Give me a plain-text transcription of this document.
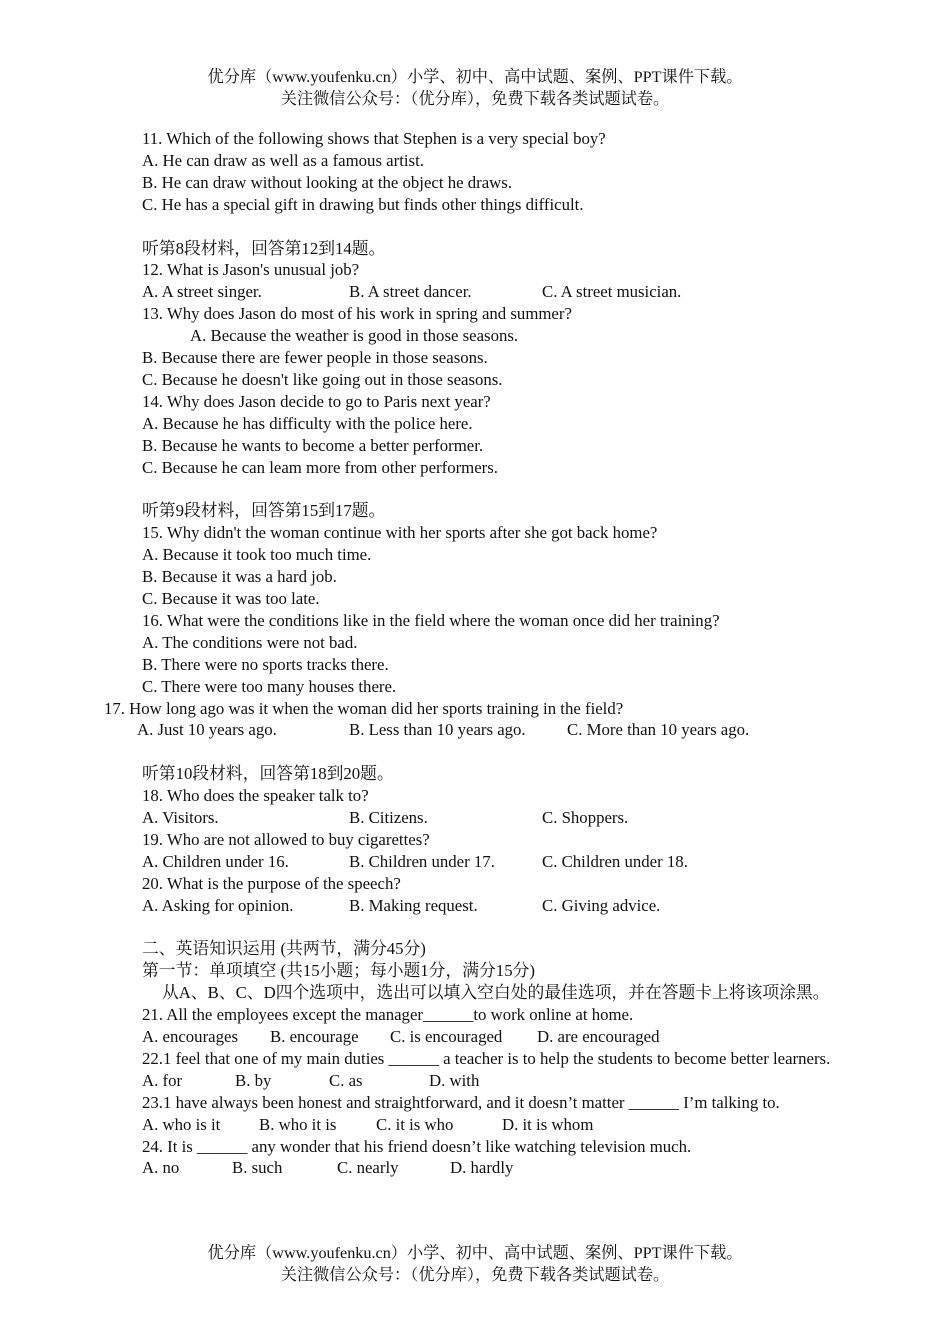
优分库（www.youfenku.cn）小学、初中、高中试题、案例、PPT课件下载。
关注微信公众号：（优分库），免费下载各类试题试卷。
11. Which of the following shows that Stephen is a very special boy?
A. He can draw as well as a famous artist.
B. He can draw without looking at the object he draws.
C. He has a special gift in drawing but finds other things difficult.
听第8段材料，回答第12到14题。
12. What is Jason's unusual job?
A. A street singer.	B. A street dancer.	C. A street musician.
13. Why does Jason do most of his work in spring and summer?
A. Because the weather is good in those seasons.
B. Because there are fewer people in those seasons.
C. Because he doesn't like going out in those seasons.
14. Why does Jason decide to go to Paris next year?
A. Because he has difficulty with the police here.
B. Because he wants to become a better performer.
C. Because he can leam more from other performers.
听第9段材料，回答第15到17题。
15. Why didn't the woman continue with her sports after she got back home?
A. Because it took too much time.
B. Because it was a hard job.
C. Because it was too late.
16. What were the conditions like in the field where the woman once did her training?
A. The conditions were not bad.
B. There were no sports tracks there.
C. There were too many houses there.
17. How long ago was it when the woman did her sports training in the field?
A. Just 10 years ago.	B. Less than 10 years ago. C. More than 10 years ago.
听第10段材料，回答第18到20题。
18. Who does the speaker talk to?
A. Visitors.	B. Citizens.	C. Shoppers.
19. Who are not allowed to buy cigarettes?
A. Children under 16.	B. Children under 17.	C. Children under 18.
20. What is the purpose of the speech?
A. Asking for opinion.	B. Making request.	C. Giving advice.
二、英语知识运用 (共两节，满分45分)
第一节：单项填空 (共15小题；每小题1分，满分15分)
从A、B、C、D四个选项中，选出可以填入空白处的最佳选项，并在答题卡上将该项涂黑。
21. All the employees except the manager______to work online at home.
A. encourages B. encourage C. is encouraged D. are encouraged
22.1 feel that one of my main duties ______ a teacher is to help the students to become better learners.
A. for	B. by	C. as	D. with
23.1 have always been honest and straightforward, and it doesn’t matter ______ I’m talking to.
A. who is it B. who it is C. it is who	D. it is whom
24. It is ______ any wonder that his friend doesn’t like watching television much.
A. no	B. such	C. nearly	D. hardly
优分库（www.youfenku.cn）小学、初中、高中试题、案例、PPT课件下载。
关注微信公众号：（优分库），免费下载各类试题试卷。
